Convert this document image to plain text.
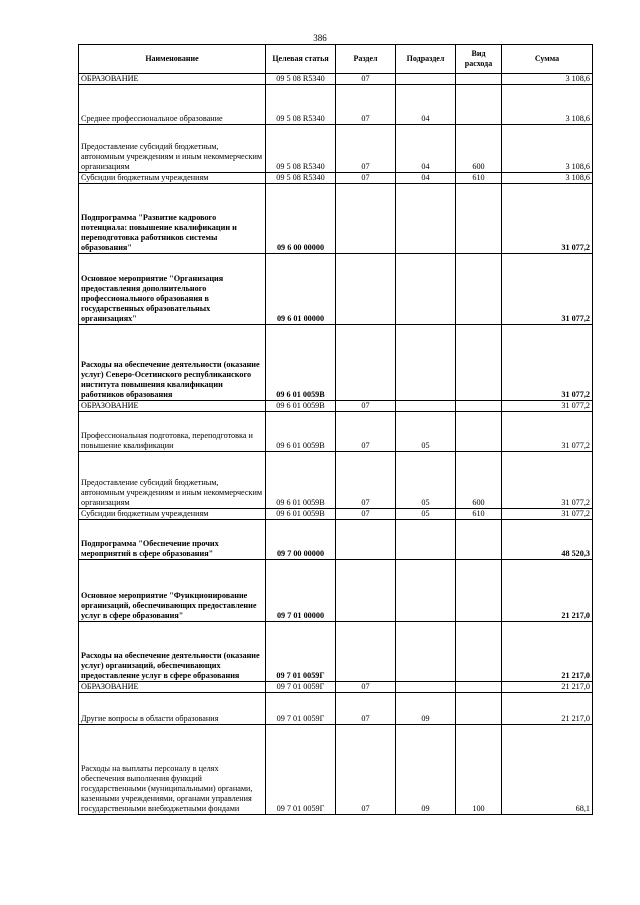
386
Наименование	Целевая статья	Раздел	Подраздел	Вид расхода	Сумма
ОБРАЗОВАНИЕ	09 5 08 R5340	07			3 108,6
Среднее профессиональное образование	09 5 08 R5340	07	04		3 108,6
Предоставление субсидий бюджетным, автономным учреждениям и иным некоммерческим организациям	09 5 08 R5340	07	04	600	3 108,6
Субсидии бюджетным учреждениям	09 5 08 R5340	07	04	610	3 108,6
Подпрограмма "Развитие кадрового потенциала: повышение квалификации и переподготовка работников системы образования"	09 6 00 00000				31 077,2
Основное мероприятие "Организация предоставления дополнительного профессионального образования в государственных образовательных организациях"	09 6 01 00000				31 077,2
Расходы на обеспечение деятельности (оказание услуг) Северо-Осетинского республиканского института повышения квалификации работников образования	09 6 01 0059В				31 077,2
ОБРАЗОВАНИЕ	09 6 01 0059В	07			31 077,2
Профессиональная подготовка, переподготовка и повышение квалификации	09 6 01 0059В	07	05		31 077,2
Предоставление субсидий бюджетным, автономным учреждениям и иным некоммерческим организациям	09 6 01 0059В	07	05	600	31 077,2
Субсидии бюджетным учреждениям	09 6 01 0059В	07	05	610	31 077,2
Подпрограмма "Обеспечение прочих мероприятий в сфере образования"	09 7 00 00000				48 520,3
Основное мероприятие "Функционирование организаций, обеспечивающих предоставление услуг в сфере образования"	09 7 01 00000				21 217,0
Расходы на обеспечение деятельности (оказание услуг) организаций, обеспечивающих предоставление услуг в сфере образования	09 7 01 0059Г				21 217,0
ОБРАЗОВАНИЕ	09 7 01 0059Г	07			21 217,0
Другие вопросы в области образования	09 7 01 0059Г	07	09		21 217,0
Расходы на выплаты персоналу в целях обеспечения выполнения функций государственными (муниципальными) органами, казенными учреждениями, органами управления государственными внебюджетными фондами	09 7 01 0059Г	07	09	100	68,1
